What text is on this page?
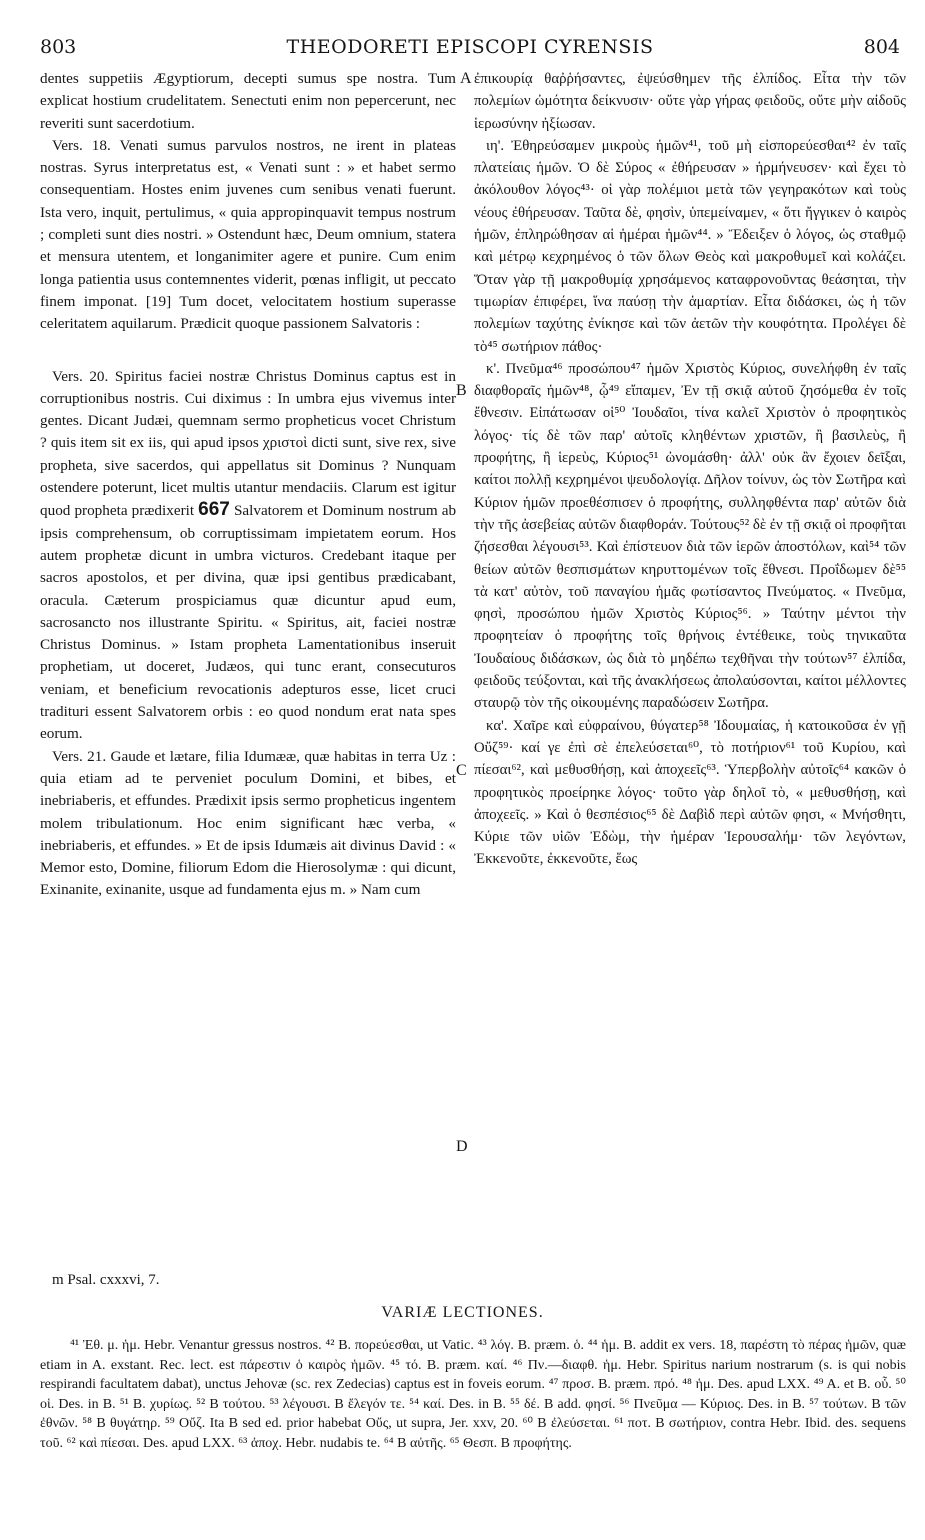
803	THEODORETI EPISCOPI CYRENSIS	804

dentes suppetiis Ægyptiorum, decepti sumus spe nostra. Tum explicat hostium crudelitatem. Senectuti enim non pepercerunt, nec reveriti sunt sacerdotium.

Vers. 18. Venati sumus parvulos nostros, ne irent in plateas nostras. Syrus interpretatus est, « Venati sunt : » et habet sermo consequentiam. Hostes enim juvenes cum senibus venati fuerunt. Ista vero, inquit, pertulimus, « quia appropinquavit tempus nostrum ; completi sunt dies nostri. » Ostendunt hæc, Deum omnium, statera et mensura utentem, et longanimiter agere et punire. Cum enim longa patientia usus contemnentes viderit, pœnas infligit, ut peccato finem imponat. [19] Tum docet, velocitatem hostium superasse celeritatem aquilarum. Prædicit quoque passionem Salvatoris :

Vers. 20. Spiritus faciei nostræ Christus Dominus captus est in corruptionibus nostris. Cui diximus : In umbra ejus vivemus inter gentes. Dicant Judæi, quemnam sermo propheticus vocet Christum ? quis item sit ex iis, qui apud ipsos χριστοὶ dicti sunt, sive rex, sive propheta, sive sacerdos, qui appellatus sit Dominus ? Nunquam ostendere poterunt, licet multis utantur mendaciis. Clarum est igitur quod propheta prædixerit 667 Salvatorem et Dominum nostrum ab ipsis comprehensum, ob corruptissimam impietatem eorum. Hos autem prophetæ dicunt in umbra victuros. Credebant itaque per sacros apostolos, et per divina, quæ ipsi gentibus prædicabant, oracula. Cæterum prospiciamus quæ dicuntur apud eum, sacrosancto nos illustrante Spiritu. « Spiritus, ait, faciei nostræ Christus Dominus. » Istam propheta Lamentationibus inseruit prophetiam, ut doceret, Judæos, qui tunc erant, consecuturos veniam, et beneficium revocationis adepturos esse, licet cruci traditurі essent Salvatorem orbis : eo quod nondum erat nata spes eorum.

Vers. 21. Gaude et lætare, filia Idumææ, quæ habitas in terra Uz : quia etiam ad te perveniet poculum Domini, et bibes, et inebriaberis, et effundes. Prædixit ipsis sermo propheticus ingentem molem tribulationum. Hoc enim significant hæc verba, « inebriaberis, et effundes. » Et de ipsis Idumæis ait divinus David : « Memor esto, Domine, filiorum Edom die Hierosolymæ : qui dicunt, Exinanite, exinanite, usque ad fundamenta ejus m. » Nam cum

A
B
C
D

ἐπικουρίᾳ θαῤῥήσαντες, ἐψεύσθημεν τῆς ἐλπίδος. Εἶτα τὴν τῶν πολεμίων ὠμότητα δείκνυσιν· οὔτε γὰρ γήρας φειδοῦς, οὔτε μὴν αἰδοῦς ἱερωσύνην ἠξίωσαν.

ιη'. Ἐθηρεύσαμεν μικροὺς ἡμῶν⁴¹, τοῦ μὴ εἰσπορεύεσθαι⁴² ἐν ταῖς πλατείαις ἡμῶν. Ὁ δὲ Σύρος « ἐθήρευσαν » ἡρμήνευσεν· καὶ ἔχει τὸ ἀκόλουθον λόγος⁴³· οἱ γὰρ πολέμιοι μετὰ τῶν γεγηρακότων καὶ τοὺς νέους ἐθήρευσαν. Ταῦτα δὲ, φησὶν, ὑπεμείναμεν, « ὅτι ἤγγικεν ὁ καιρὸς ἡμῶν, ἐπληρώθησαν αἱ ἡμέραι ἡμῶν⁴⁴. » Ἔδειξεν ὁ λόγος, ὡς σταθμῷ καὶ μέτρῳ κεχρημένος ὁ τῶν ὅλων Θεὸς καὶ μακροθυμεῖ καὶ κολάζει. Ὅταν γὰρ τῇ μακροθυμίᾳ χρησάμενος καταφρονοῦντας θεάσηται, τὴν τιμωρίαν ἐπιφέρει, ἵνα παύσῃ τὴν ἁμαρτίαν. Εἶτα διδάσκει, ὡς ἡ τῶν πολεμίων ταχύτης ἐνίκησε καὶ τῶν ἀετῶν τὴν κουφότητα. Προλέγει δὲ τὸ⁴⁵ σωτήριον πάθος·

κ'. Πνεῦμα⁴⁶ προσώπου⁴⁷ ἡμῶν Χριστὸς Κύριος, συνελήφθη ἐν ταῖς διαφθοραῖς ἡμῶν⁴⁸, ᾧ⁴⁹ εἴπαμεν, Ἐν τῇ σκιᾷ αὐτοῦ ζησόμεθα ἐν τοῖς ἔθνεσιν. Εἰπάτωσαν οἱ⁵⁰ Ἰουδαῖοι, τίνα καλεῖ Χριστὸν ὁ προφητικὸς λόγος· τίς δὲ τῶν παρ' αὐτοῖς κληθέντων χριστῶν, ἢ βασιλεὺς, ἢ προφήτης, ἢ ἱερεὺς, Κύριος⁵¹ ὠνομάσθη· ἀλλ' οὐκ ἂν ἔχοιεν δεῖξαι, καίτοι πολλῇ κεχρημένοι ψευδολογίᾳ. Δῆλον τοίνυν, ὡς τὸν Σωτῆρα καὶ Κύριον ἡμῶν προεθέσπισεν ὁ προφήτης, συλληφθέντα παρ' αὐτῶν διὰ τὴν τῆς ἀσεβείας αὐτῶν διαφθοράν. Τούτους⁵² δὲ ἐν τῇ σκιᾷ οἱ προφῆται ζήσεσθαι λέγουσι⁵³. Καὶ ἐπίστευον διὰ τῶν ἱερῶν ἀποστόλων, καὶ⁵⁴ τῶν θείων αὐτῶν θεσπισμάτων κηρυττομένων τοῖς ἔθνεσι. Προΐδωμεν δὲ⁵⁵ τὰ κατ' αὐτὸν, τοῦ παναγίου ἡμᾶς φωτίσαντος Πνεύματος. « Πνεῦμα, φησὶ, προσώπου ἡμῶν Χριστὸς Κύριος⁵⁶. » Ταύτην μέντοι τὴν προφητείαν ὁ προφήτης τοῖς θρήνοις ἐντέθεικε, τοὺς τηνικαῦτα Ἰουδαίους διδάσκων, ὡς διὰ τὸ μηδέπω τεχθῆναι τὴν τούτων⁵⁷ ἐλπίδα, φειδοῦς τεύξονται, καὶ τῆς ἀνακλήσεως ἀπολαύσονται, καίτοι μέλλοντες σταυρῷ τὸν τῆς οἰκουμένης παραδώσειν Σωτῆρα.

κα'. Χαῖρε καὶ εὐφραίνου, θύγατερ⁵⁸ Ἰδουμαίας, ἡ κατοικοῦσα ἐν γῇ Οὔζ⁵⁹· καί γε ἐπὶ σὲ ἐπελεύσεται⁶⁰, τὸ ποτήριον⁶¹ τοῦ Κυρίου, καὶ πίεσαι⁶², καὶ μεθυσθήσῃ, καὶ ἀποχεεῖς⁶³. Ὑπερβολὴν αὐτοῖς⁶⁴ κακῶν ὁ προφητικὸς προείρηκε λόγος· τοῦτο γὰρ δηλοῖ τὸ, « μεθυσθήσῃ, καὶ ἀποχεεῖς. » Καὶ ὁ θεσπέσιος⁶⁵ δὲ Δαβὶδ περὶ αὐτῶν φησι, « Μνήσθητι, Κύριε τῶν υἱῶν Ἐδὼμ, τὴν ἡμέραν Ἱερουσαλήμ· τῶν λεγόντων, Ἐκκενοῦτε, ἐκκενοῦτε, ἕως

m Psal. cxxxvi, 7.
VARIÆ LECTIONES.

⁴¹ Ἐθ. μ. ἡμ. Hebr. Venantur gressus nostros. ⁴² B. πορεύεσθαι, ut Vatic. ⁴³ λόγ. B. præm. ὁ. ⁴⁴ ἡμ. B. addit ex vers. 18, παρέστη τὸ πέρας ἡμῶν, quæ etiam in A. exstant. Rec. lect. est πάρεστιν ὁ καιρὸς ἡμῶν. ⁴⁵ τό. B. præm. καί. ⁴⁶ Πν.—διαφθ. ἡμ. Hebr. Spiritus narium nostrarum (s. is qui nobis respirandi facultatem dabat), unctus Jehovæ (sc. rex Zedecias) captus est in foveis eorum. ⁴⁷ προσ. B. præm. πρό. ⁴⁸ ἡμ. Des. apud LXX. ⁴⁹ A. et B. οὗ. ⁵⁰ οἱ. Des. in B. ⁵¹ B. χυρίως. ⁵² B τούτου. ⁵³ λέγουσι. B ἔλεγόν τε. ⁵⁴ καί. Des. in B. ⁵⁵ δέ. B add. φησί. ⁵⁶ Πνεῦμα — Κύριος. Des. in B. ⁵⁷ τούτων. B τῶν ἐθνῶν. ⁵⁸ B θυγάτηρ. ⁵⁹ Οὔζ. Ita B sed ed. prior habebat Οὔς, ut supra, Jer. xxv, 20. ⁶⁰ B ἐλεύσεται. ⁶¹ ποτ. B σωτήριον, contra Hebr. Ibid. des. sequens τοῦ. ⁶² καὶ πίεσαι. Des. apud LXX. ⁶³ ἀποχ. Hebr. nudabis te. ⁶⁴ B αὐτῆς. ⁶⁵ Θεσπ. B προφήτης.
